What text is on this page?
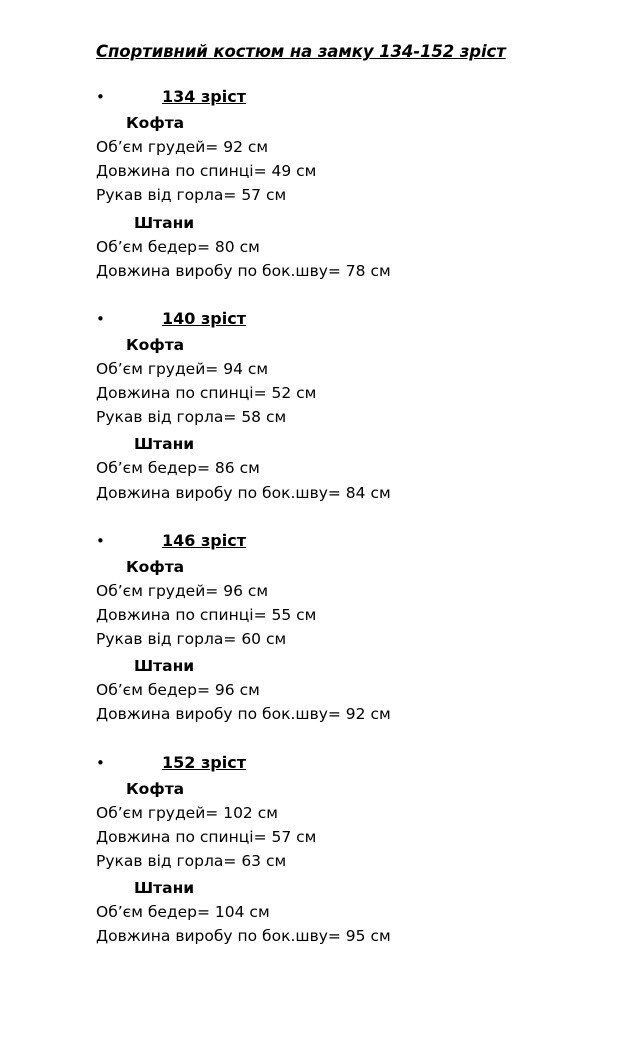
Спортивний костюм на замку 134-152 зріст
•	134 зріст
Кофта

Об’єм грудей= 92 см

Довжина по спинці= 49 см

Рукав від горла= 57 см

Штани

Об’єм бедер= 80 см

Довжина виробу по бок.шву= 78 см

•	140 зріст
Кофта

Об’єм грудей= 94 см

Довжина по спинці= 52 см

Рукав від горла= 58 см

Штани

Об’єм бедер= 86 см

Довжина виробу по бок.шву= 84 см

•	146 зріст
Кофта

Об’єм грудей= 96 см

Довжина по спинці= 55 см

Рукав від горла= 60 см

Штани

Об’єм бедер= 96 см

Довжина виробу по бок.шву= 92 см

•	152 зріст
Кофта

Об’єм грудей= 102 см

Довжина по спинці= 57 см

Рукав від горла= 63 см

Штани

Об’єм бедер= 104 см

Довжина виробу по бок.шву= 95 см
